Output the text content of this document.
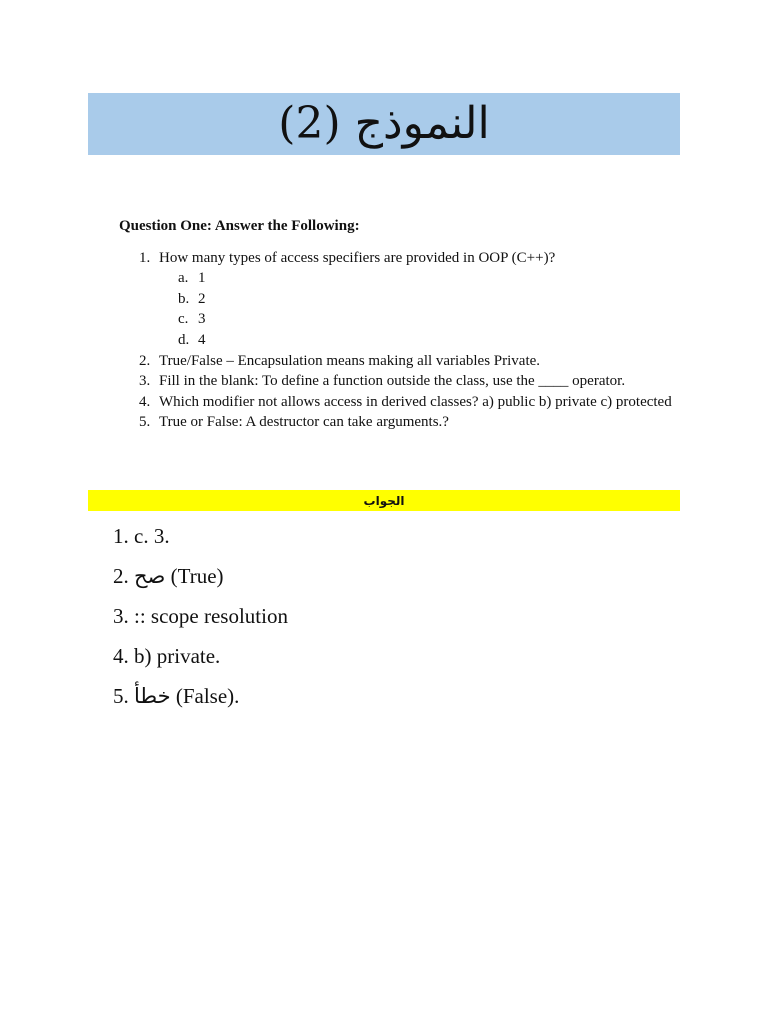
النموذج (2)
Question One: Answer the Following:
1. How many types of access specifiers are provided in OOP (C++)?
a. 1
b. 2
c. 3
d. 4
2. True/False – Encapsulation means making all variables Private.
3. Fill in the blank: To define a function outside the class, use the ____ operator.
4. Which modifier not allows access in derived classes? a) public b) private c) protected
5. True or False: A destructor can take arguments.?
الجواب
1. c. 3.
2. صح (True)
3. :: scope resolution
4. b) private.
5. خطأ (False).
